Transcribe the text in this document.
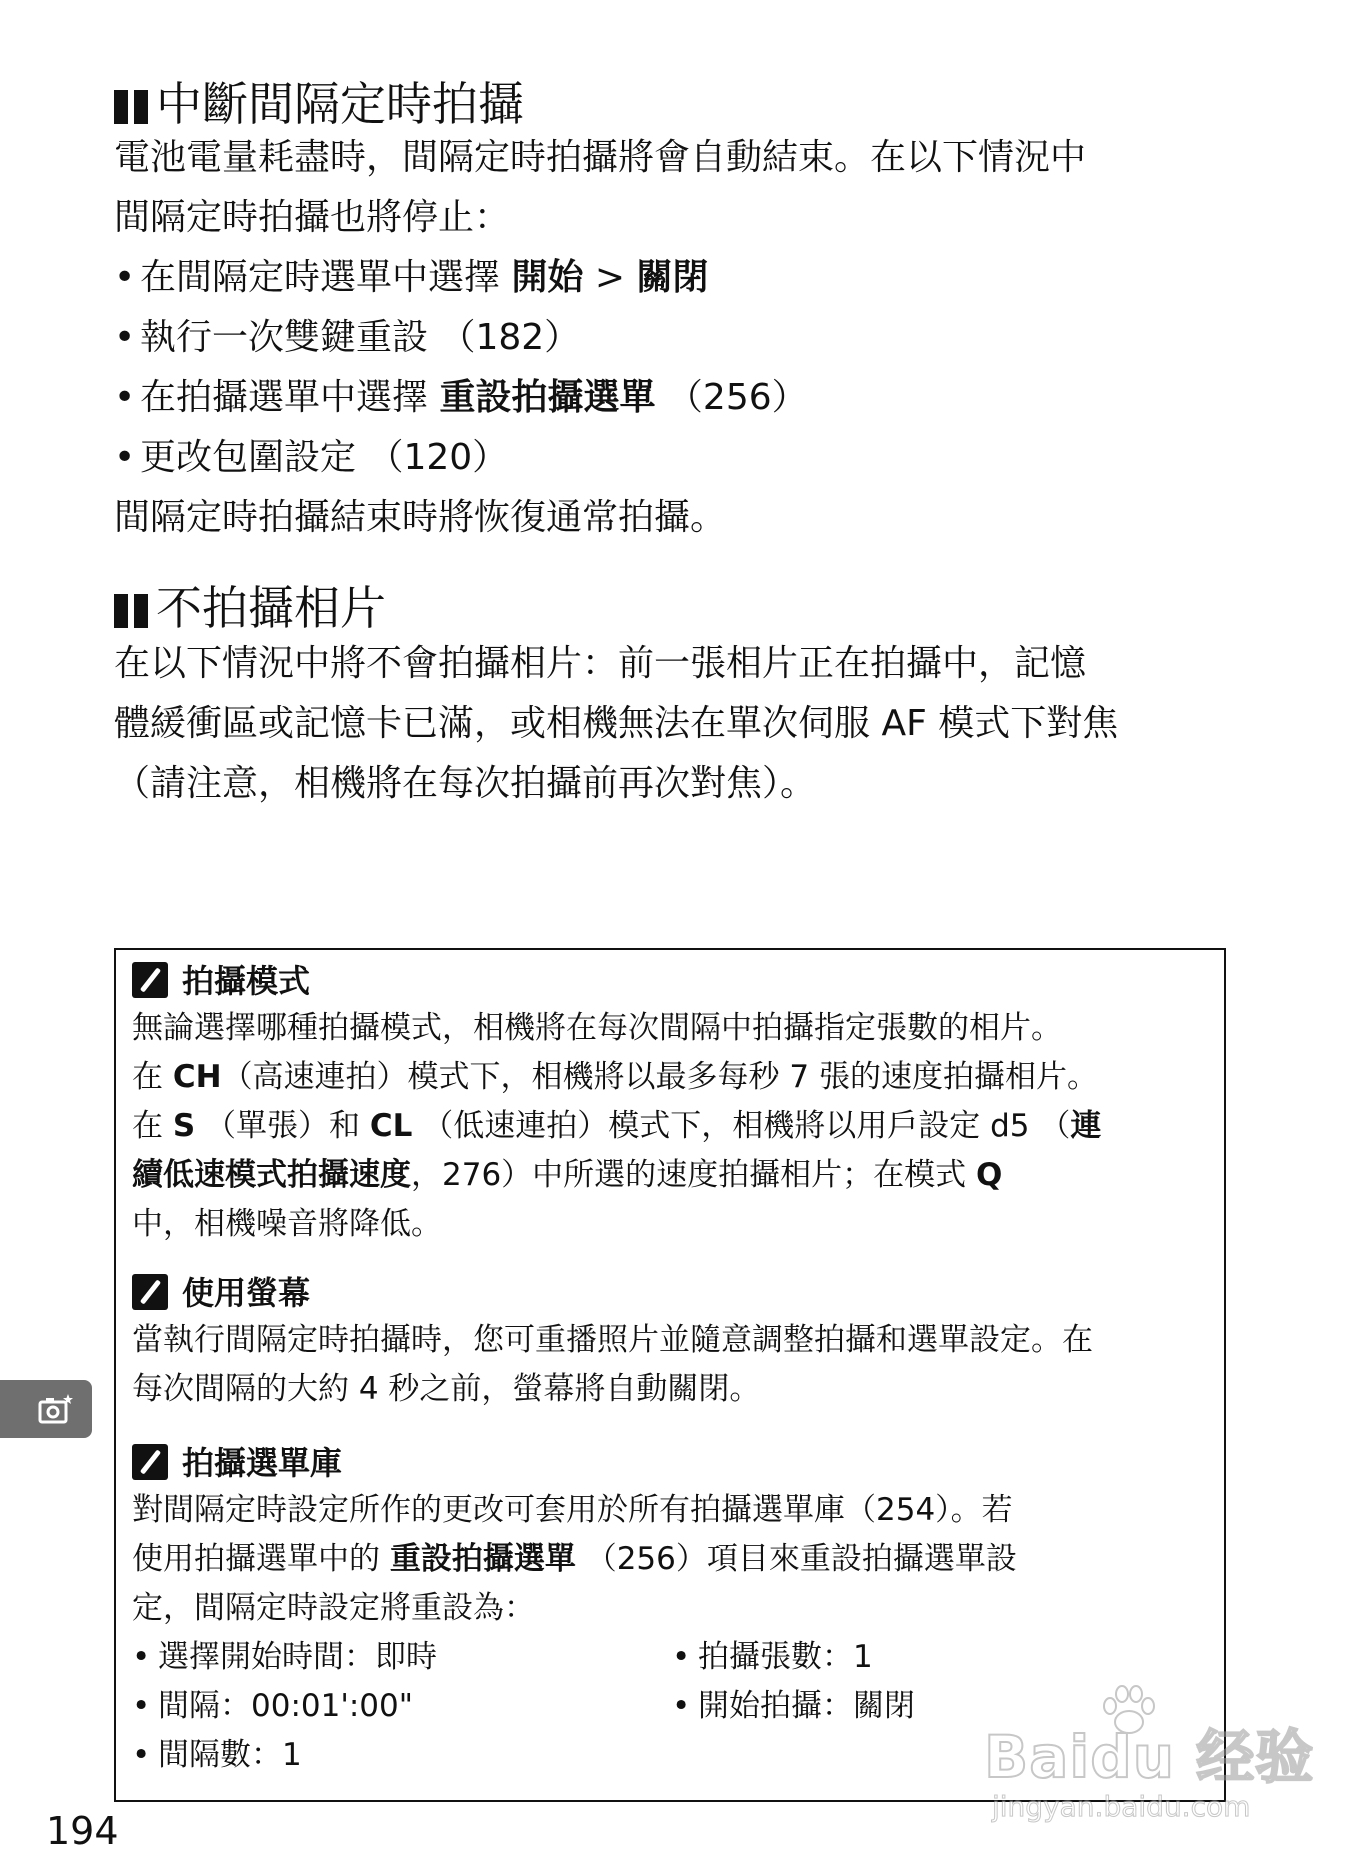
中斷間隔定時拍攝

電池電量耗盡時，間隔定時拍攝將會自動結束。在以下情況中

間隔定時拍攝也將停止：

• 在間隔定時選單中選擇 開始 > 關閉
• 執行一次雙鍵重設 （182）
• 在拍攝選單中選擇 重設拍攝選單 （256）
• 更改包圍設定 （120）

間隔定時拍攝結束時將恢復通常拍攝。

不拍攝相片

在以下情況中將不會拍攝相片：前一張相片正在拍攝中，記憶

體緩衝區或記憶卡已滿，或相機無法在單次伺服 AF 模式下對焦

（請注意，相機將在每次拍攝前再次對焦）。

拍攝模式

無論選擇哪種拍攝模式，相機將在每次間隔中拍攝指定張數的相片。

在 CH（高速連拍）模式下，相機將以最多每秒 7 張的速度拍攝相片。

在 S （單張）和 CL （低速連拍）模式下，相機將以用戶設定 d5 （連

續低速模式拍攝速度，276）中所選的速度拍攝相片；在模式 Q

中，相機噪音將降低。

使用螢幕

當執行間隔定時拍攝時，您可重播照片並隨意調整拍攝和選單設定。在

每次間隔的大約 4 秒之前，螢幕將自動關閉。

拍攝選單庫

對間隔定時設定所作的更改可套用於所有拍攝選單庫（254）。若

使用拍攝選單中的 重設拍攝選單 （256）項目來重設拍攝選單設

定，間隔定時設定將重設為：

• 選擇開始時間：即時	• 拍攝張數：1
• 間隔：00:01':00"	• 開始拍攝：關閉
• 間隔數：1
194
Baidu 经验
jingyan.baidu.com
